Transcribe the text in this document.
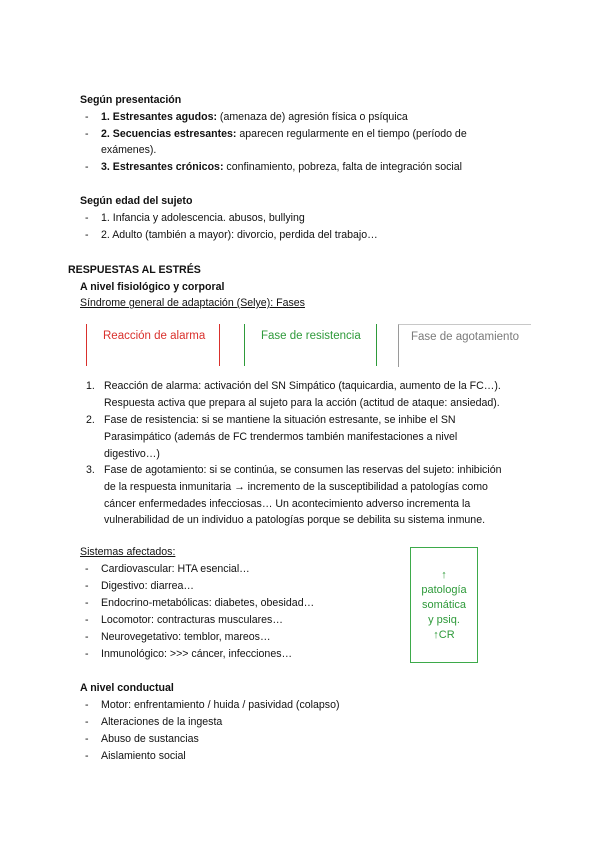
Según presentación
- 1. Estresantes agudos: (amenaza de) agresión física o psíquica
- 2. Secuencias estresantes: aparecen regularmente en el tiempo (período de
exámenes).
- 3. Estresantes crónicos: confinamiento, pobreza, falta de integración social
Según edad del sujeto
- 1. Infancia y adolescencia. abusos, bullying
- 2. Adulto (también a mayor): divorcio, perdida del trabajo…
RESPUESTAS AL ESTRÉS
A nivel fisiológico y corporal
Síndrome general de adaptación (Selye): Fases
Reacción de alarma	Fase de resistencia	Fase de agotamiento
1. Reacción de alarma: activación del SN Simpático (taquicardia, aumento de la FC…).
Respuesta activa que prepara al sujeto para la acción (actitud de ataque: ansiedad).
2. Fase de resistencia: si se mantiene la situación estresante, se inhibe el SN
Parasimpático (además de FC trendermos también manifestaciones a nivel
digestivo…)
3. Fase de agotamiento: si se continúa, se consumen las reservas del sujeto: inhibición
de la respuesta inmunitaria → incremento de la susceptibilidad a patologías como
cáncer enfermedades infecciosas… Un acontecimiento adverso incrementa la
vulnerabilidad de un individuo a patologías porque se debilita su sistema inmune.
Sistemas afectados:
- Cardiovascular: HTA esencial…
- Digestivo: diarrea…
- Endocrino-metabólicas: diabetes, obesidad…
- Locomotor: contracturas musculares…
- Neurovegetativo: temblor, mareos…
- Inmunológico: >>> cáncer, infecciones…
↑
patología
somática
y psiq.
↑CR
A nivel conductual
- Motor: enfrentamiento / huida / pasividad (colapso)
- Alteraciones de la ingesta
- Abuso de sustancias
- Aislamiento social
